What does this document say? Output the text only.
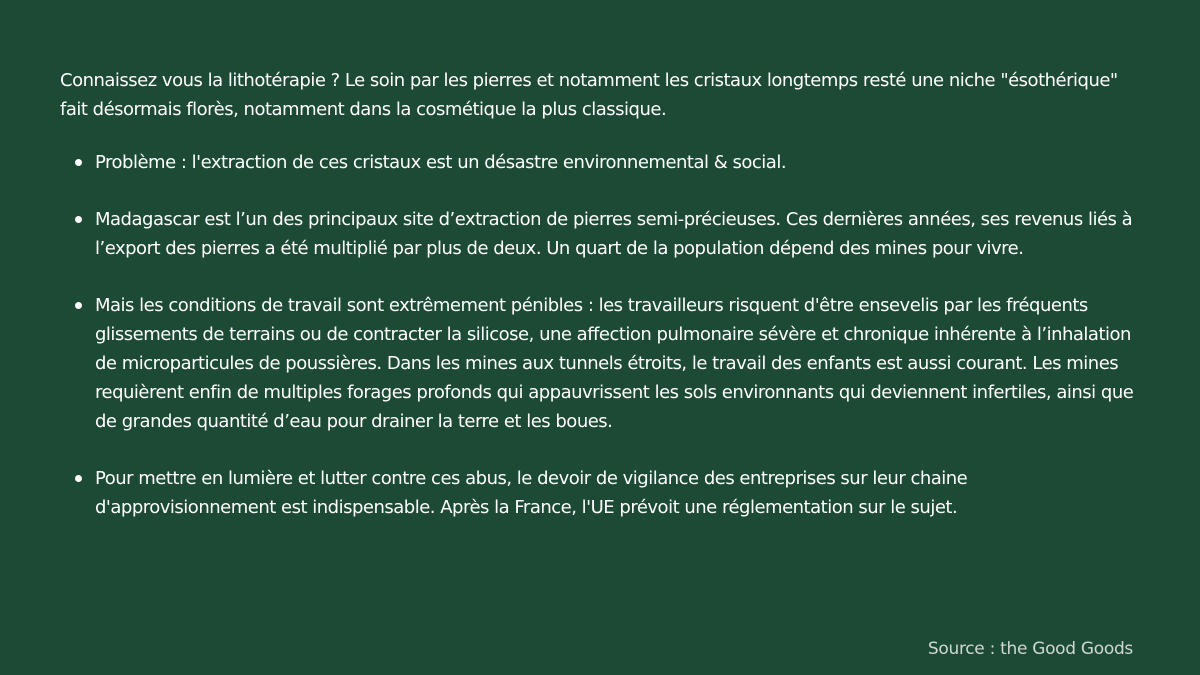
Connaissez vous la lithotérapie ? Le soin par les pierres et notamment les cristaux longtemps resté une niche "ésothérique" fait désormais florès, notamment dans la cosmétique la plus classique.

Problème : l'extraction de ces cristaux est un désastre environnemental & social.
Madagascar est l’un des principaux site d’extraction de pierres semi-précieuses. Ces dernières années, ses revenus liés à l’export des pierres a été multiplié par plus de deux. Un quart de la population dépend des mines pour vivre.
Mais les conditions de travail sont extrêmement pénibles : les travailleurs risquent d'être ensevelis par les fréquents glissements de terrains ou de contracter la silicose, une affection pulmonaire sévère et chronique inhérente à l’inhalation de microparticules de poussières. Dans les mines aux tunnels étroits, le travail des enfants est aussi courant. Les mines requièrent enfin de multiples forages profonds qui appauvrissent les sols environnants qui deviennent infertiles, ainsi que de grandes quantité d’eau pour drainer la terre et les boues.
Pour mettre en lumière et lutter contre ces abus, le devoir de vigilance des entreprises sur leur chaine d'approvisionnement est indispensable. Après la France, l'UE prévoit une réglementation sur le sujet.
Source : the Good Goods
